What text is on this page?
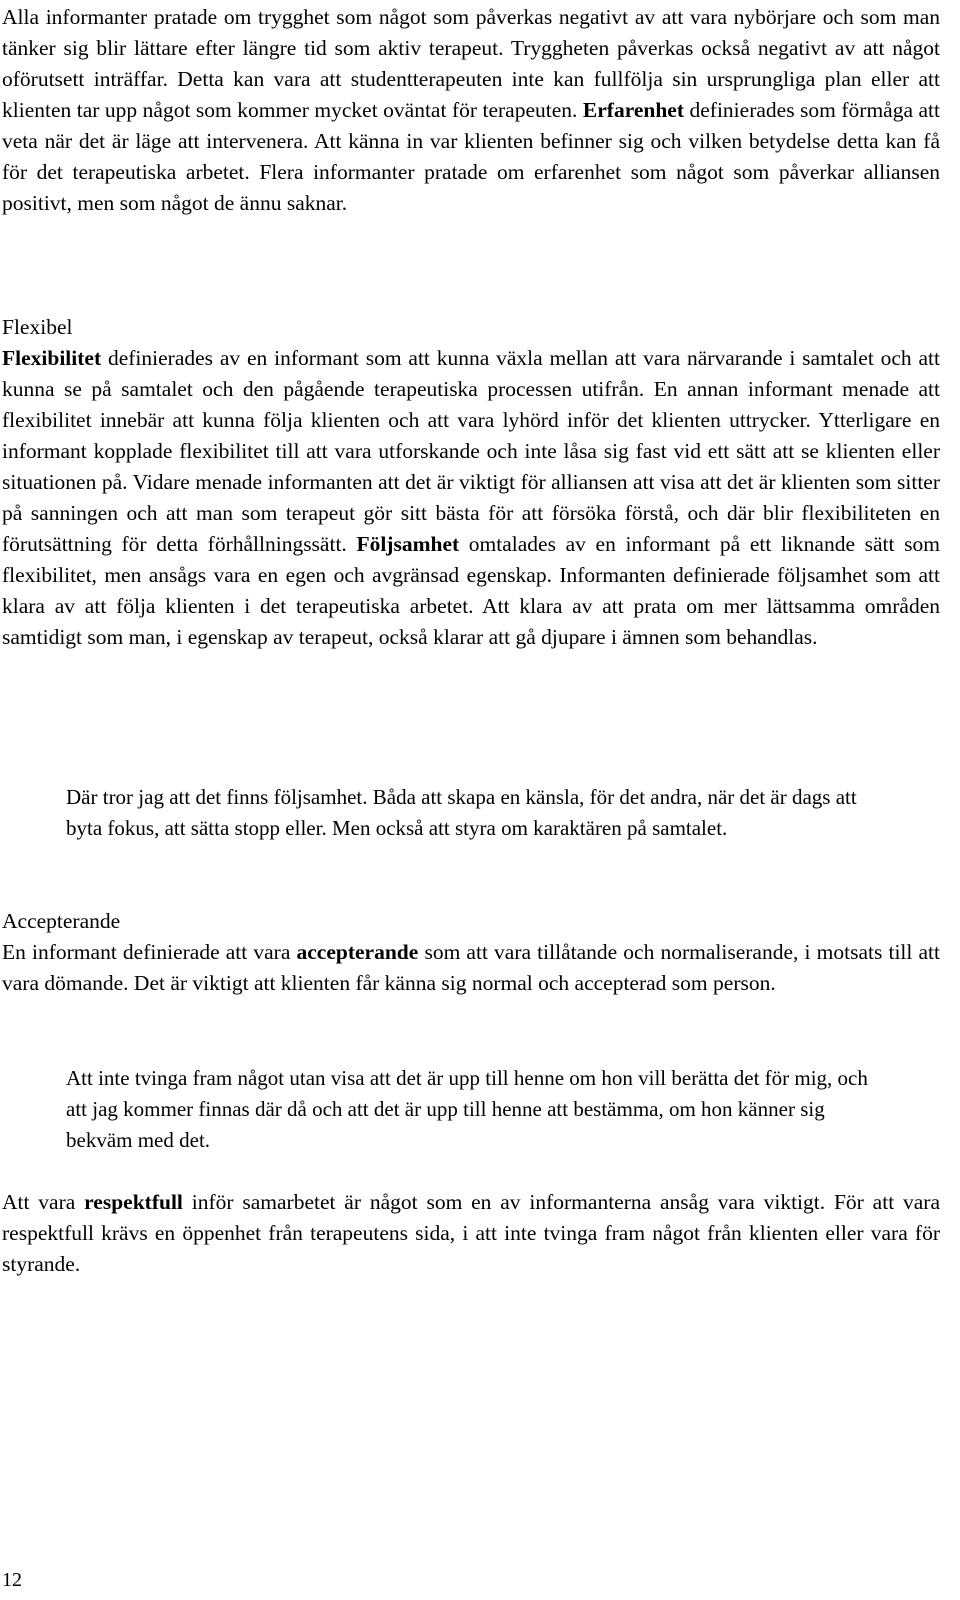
Alla informanter pratade om trygghet som något som påverkas negativt av att vara nybörjare och som man tänker sig blir lättare efter längre tid som aktiv terapeut. Tryggheten påverkas också negativt av att något oförutsett inträffar. Detta kan vara att studentterapeuten inte kan fullfölja sin ursprungliga plan eller att klienten tar upp något som kommer mycket oväntat för terapeuten. Erfarenhet definierades som förmåga att veta när det är läge att intervenera. Att känna in var klienten befinner sig och vilken betydelse detta kan få för det terapeutiska arbetet. Flera informanter pratade om erfarenhet som något som påverkar alliansen positivt, men som något de ännu saknar.

Flexibel

Flexibilitet definierades av en informant som att kunna växla mellan att vara närvarande i samtalet och att kunna se på samtalet och den pågående terapeutiska processen utifrån. En annan informant menade att flexibilitet innebär att kunna följa klienten och att vara lyhörd inför det klienten uttrycker. Ytterligare en informant kopplade flexibilitet till att vara utforskande och inte låsa sig fast vid ett sätt att se klienten eller situationen på. Vidare menade informanten att det är viktigt för alliansen att visa att det är klienten som sitter på sanningen och att man som terapeut gör sitt bästa för att försöka förstå, och där blir flexibiliteten en förutsättning för detta förhållningssätt. Följsamhet omtalades av en informant på ett liknande sätt som flexibilitet, men ansågs vara en egen och avgränsad egenskap. Informanten definierade följsamhet som att klara av att följa klienten i det terapeutiska arbetet. Att klara av att prata om mer lättsamma områden samtidigt som man, i egenskap av terapeut, också klarar att gå djupare i ämnen som behandlas.

Där tror jag att det finns följsamhet. Båda att skapa en känsla, för det andra, när det är dags att byta fokus, att sätta stopp eller. Men också att styra om karaktären på samtalet.

Accepterande

En informant definierade att vara accepterande som att vara tillåtande och normaliserande, i motsats till att vara dömande. Det är viktigt att klienten får känna sig normal och accepterad som person.

Att inte tvinga fram något utan visa att det är upp till henne om hon vill berätta det för mig, och att jag kommer finnas där då och att det är upp till henne att bestämma, om hon känner sig bekväm med det.

Att vara respektfull inför samarbetet är något som en av informanterna ansåg vara viktigt. För att vara respektfull krävs en öppenhet från terapeutens sida, i att inte tvinga fram något från klienten eller vara för styrande.

12
